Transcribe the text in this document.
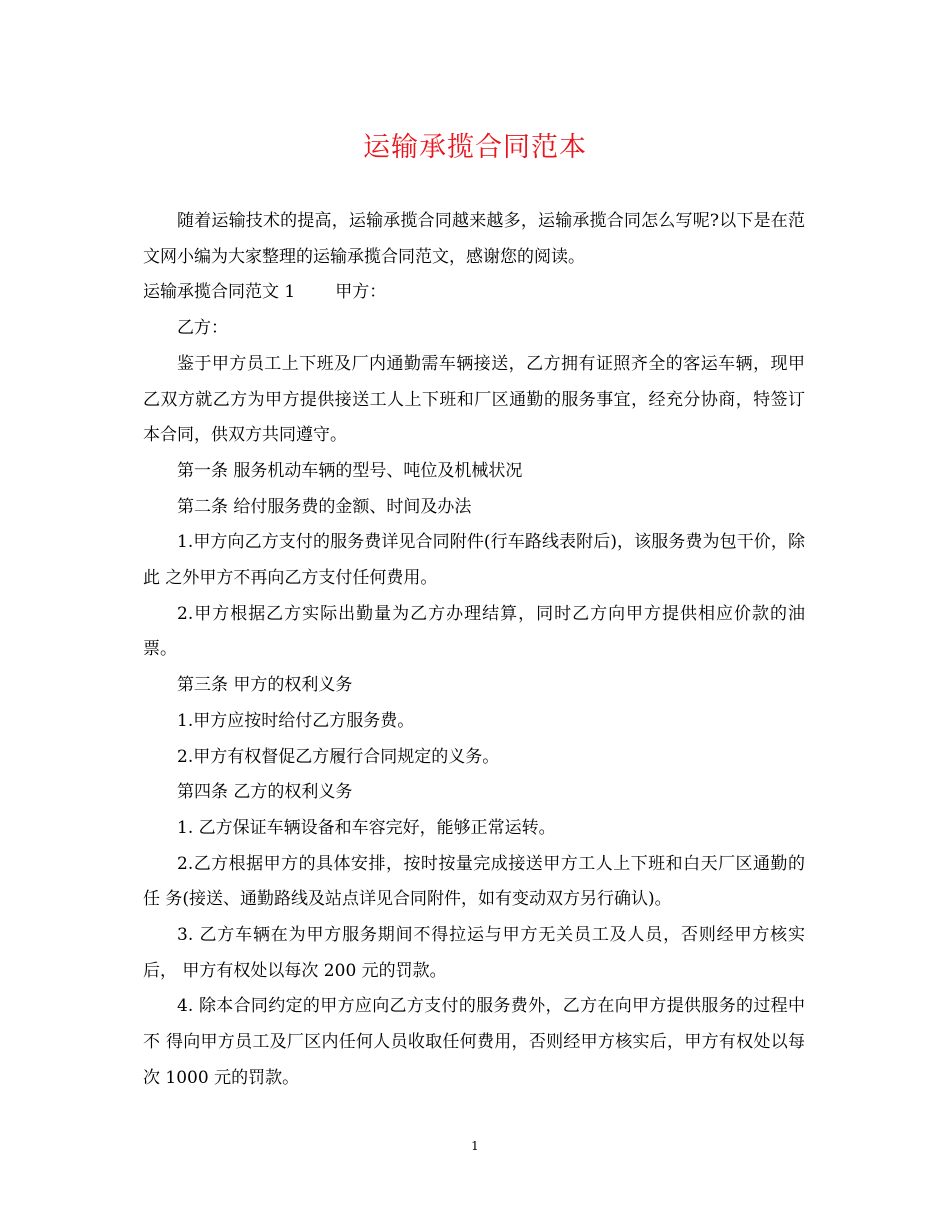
运输承揽合同范本

随着运输技术的提高，运输承揽合同越来越多，运输承揽合同怎么写呢?以下是在范文网小编为大家整理的运输承揽合同范文，感谢您的阅读。

运输承揽合同范文 1 甲方：

乙方：

鉴于甲方员工上下班及厂内通勤需车辆接送，乙方拥有证照齐全的客运车辆，现甲乙双方就乙方为甲方提供接送工人上下班和厂区通勤的服务事宜，经充分协商，特签订本合同，供双方共同遵守。

第一条 服务机动车辆的型号、吨位及机械状况

第二条 给付服务费的金额、时间及办法

1.甲方向乙方支付的服务费详见合同附件(行车路线表附后)，该服务费为包干价，除此 之外甲方不再向乙方支付任何费用。

2.甲方根据乙方实际出勤量为乙方办理结算，同时乙方向甲方提供相应价款的油票。

第三条 甲方的权利义务

1.甲方应按时给付乙方服务费。

2.甲方有权督促乙方履行合同规定的义务。

第四条 乙方的权利义务

1. 乙方保证车辆设备和车容完好，能够正常运转。

2.乙方根据甲方的具体安排，按时按量完成接送甲方工人上下班和白天厂区通勤的任 务(接送、通勤路线及站点详见合同附件，如有变动双方另行确认)。

3. 乙方车辆在为甲方服务期间不得拉运与甲方无关员工及人员，否则经甲方核实后， 甲方有权处以每次 200 元的罚款。

4. 除本合同约定的甲方应向乙方支付的服务费外，乙方在向甲方提供服务的过程中不 得向甲方员工及厂区内任何人员收取任何费用，否则经甲方核实后，甲方有权处以每次 1000 元的罚款。

1
